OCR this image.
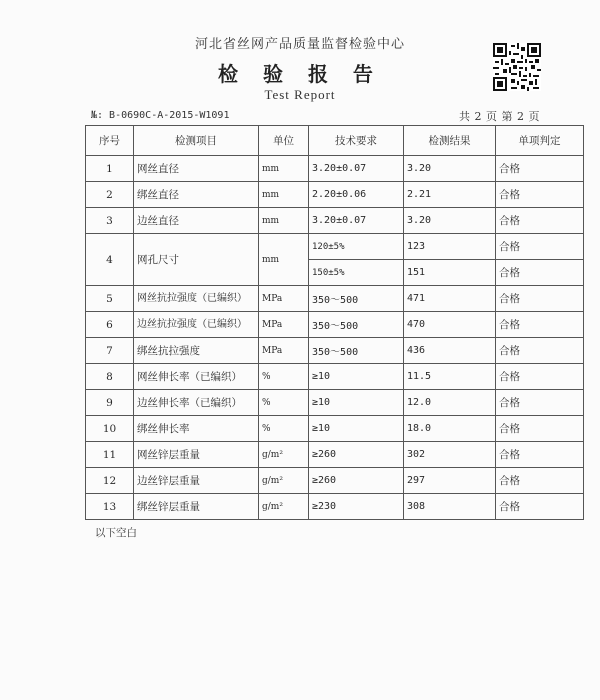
河北省丝网产品质量监督检验中心
检 验 报 告
Test Report
№: B-0690C-A-2015-W1091	共 2 页 第 2 页
序号	检测项目	单位	技术要求	检测结果	单项判定
1	网丝直径	mm	3.20±0.07	3.20	合格
2	绑丝直径	mm	2.20±0.06	2.21	合格
3	边丝直径	mm	3.20±0.07	3.20	合格
4	网孔尺寸	mm	120±5%	123	合格
			150±5%	151	合格
5	网丝抗拉强度（已编织）	MPa	350～500	471	合格
6	边丝抗拉强度（已编织）	MPa	350～500	470	合格
7	绑丝抗拉强度	MPa	350～500	436	合格
8	网丝伸长率（已编织）	%	≥10	11.5	合格
9	边丝伸长率（已编织）	%	≥10	12.0	合格
10	绑丝伸长率	%	≥10	18.0	合格
11	网丝锌层重量	g/m²	≥260	302	合格
12	边丝锌层重量	g/m²	≥260	297	合格
13	绑丝锌层重量	g/m²	≥230	308	合格
以下空白
